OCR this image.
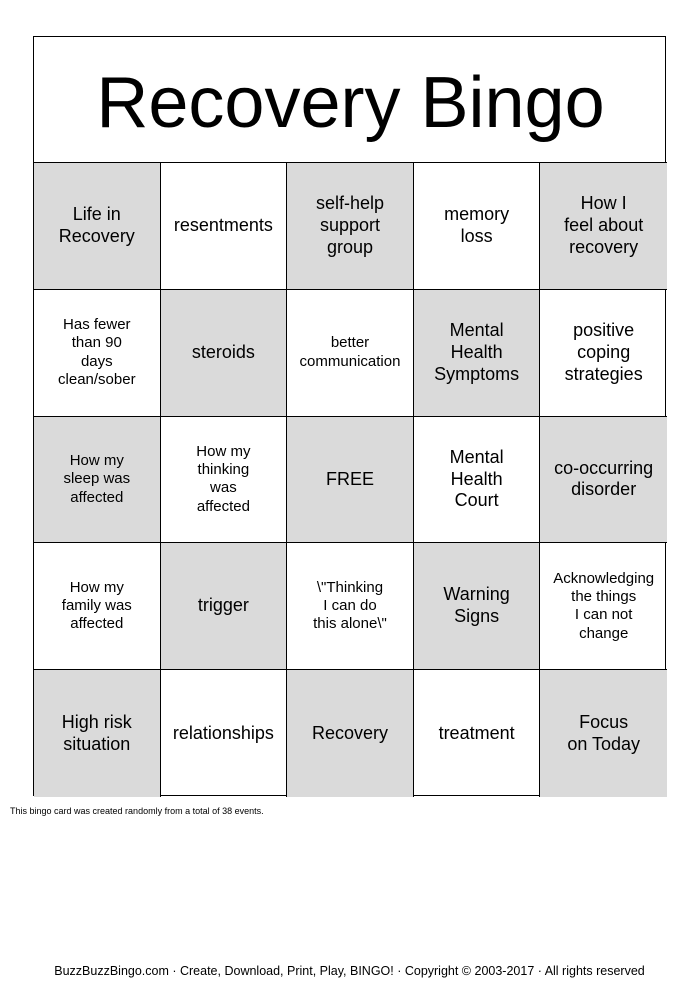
Recovery Bingo
Life in
Recovery
resentments
self-help
support
group
memory
loss
How I
feel about
recovery
Has fewer
than 90
days
clean/sober
steroids	better
communication
Mental
Health
Symptoms
positive
coping
strategies
How my
sleep was
affected
How my
thinking
was
affected
FREE
Mental
Health
Court
co-occurring
disorder
How my
family was
affected
trigger
\"Thinking
I can do
this alone\"
Warning
Signs
Acknowledging
the things
I can not
change
High risk
situation
relationships Recovery	treatment
Focus
on Today
This bingo card was created randomly from a total of 38 events.
BuzzBuzzBingo.com · Create, Download, Print, Play, BINGO! · Copyright © 2003-2017 · All rights reserved
